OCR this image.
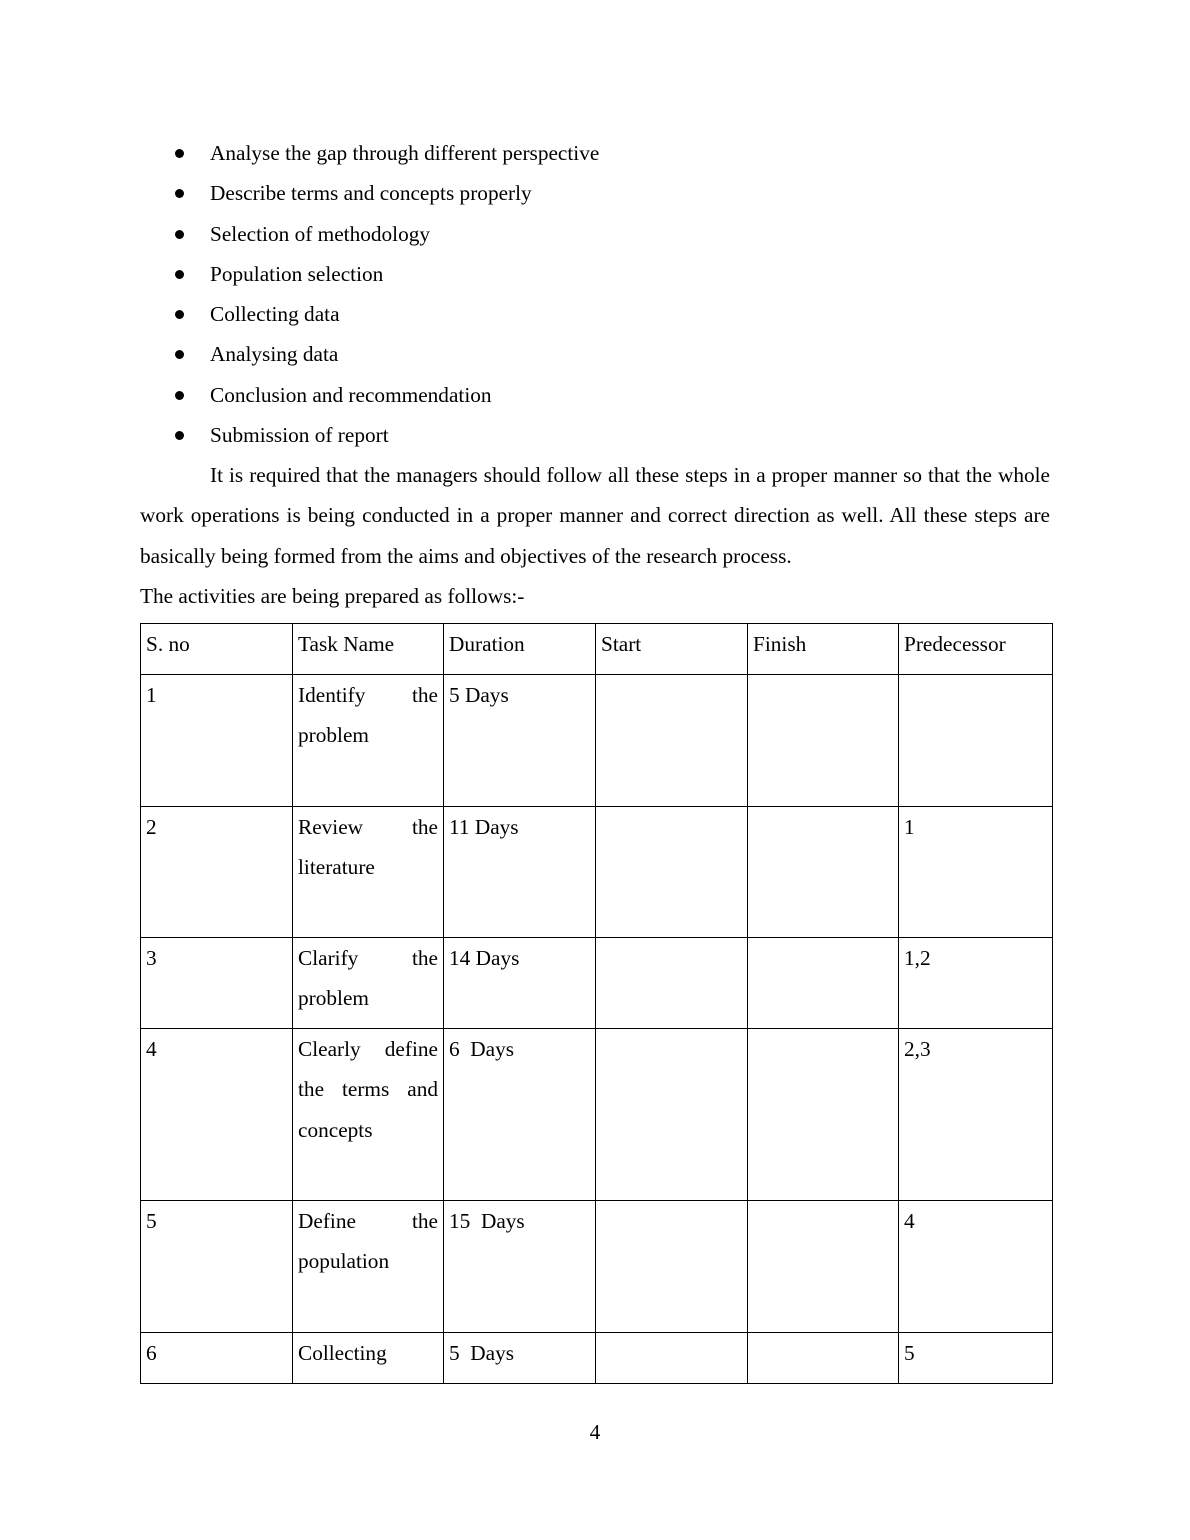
Analyse the gap through different perspective
Describe terms and concepts properly
Selection of methodology
Population selection
Collecting data
Analysing data
Conclusion and recommendation
Submission of report

It is required that the managers should follow all these steps in a proper manner so that the whole work operations is being conducted in a proper manner and correct direction as well. All these steps are basically being formed from the aims and objectives of the research process.

The activities are being prepared as follows:-

S. no	Task Name	Duration	Start	Finish	Predecessor
1	Identify the problem	5 Days			
2	Review the literature	11 Days			1
3	Clarify the problem	14 Days			1,2
4	Clearly define the terms and concepts	6  Days			2,3
5	Define the population	15  Days			4
6	Collecting	5  Days			5
4
